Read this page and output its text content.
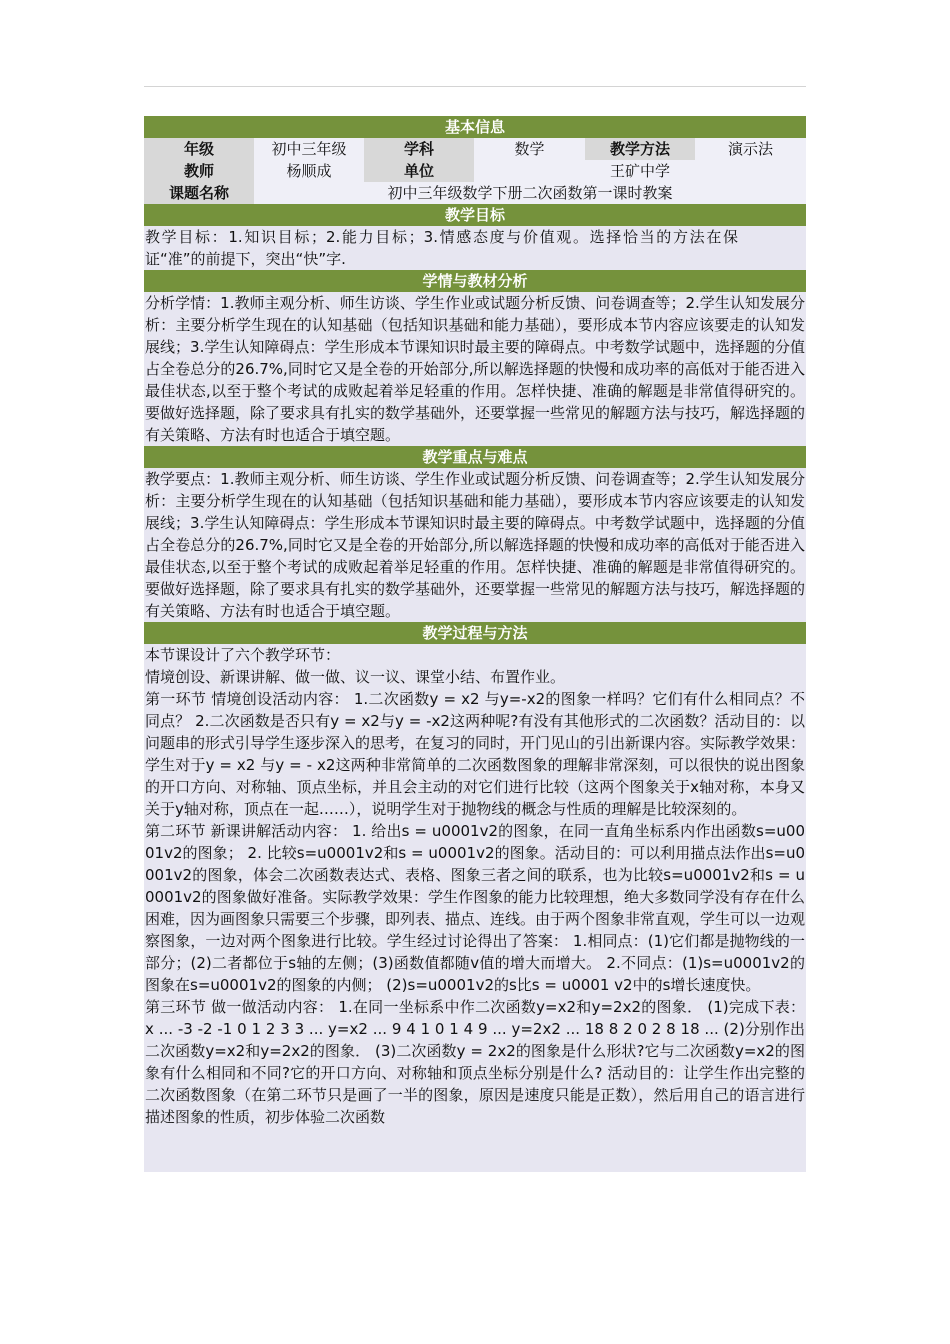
基本信息
年级	初中三年级	学科	数学	教学方法	演示法
教师	杨顺成	单位	王矿中学
课题名称	初中三年级数学下册二次函数第一课时教案
教学目标
教学目标：1.知识目标；2.能力目标；3.情感态度与价值观。选择恰当的方法在保证“准”的前提下，突出“快”字.
学情与教材分析
分析学情：1.教师主观分析、师生访谈、学生作业或试题分析反馈、问卷调查等；2.学生认知发展分析：主要分析学生现在的认知基础（包括知识基础和能力基础），要形成本节内容应该要走的认知发展线；3.学生认知障碍点：学生形成本节课知识时最主要的障碍点。中考数学试题中，选择题的分值占全卷总分的26.7%,同时它又是全卷的开始部分,所以解选择题的快慢和成功率的高低对于能否进入最佳状态,以至于整个考试的成败起着举足轻重的作用。怎样快捷、准确的解题是非常值得研究的。要做好选择题，除了要求具有扎实的数学基础外，还要掌握一些常见的解题方法与技巧，解选择题的有关策略、方法有时也适合于填空题。
教学重点与难点
教学要点：1.教师主观分析、师生访谈、学生作业或试题分析反馈、问卷调查等；2.学生认知发展分析：主要分析学生现在的认知基础（包括知识基础和能力基础），要形成本节内容应该要走的认知发展线；3.学生认知障碍点：学生形成本节课知识时最主要的障碍点。中考数学试题中，选择题的分值占全卷总分的26.7%,同时它又是全卷的开始部分,所以解选择题的快慢和成功率的高低对于能否进入最佳状态,以至于整个考试的成败起着举足轻重的作用。怎样快捷、准确的解题是非常值得研究的。要做好选择题，除了要求具有扎实的数学基础外，还要掌握一些常见的解题方法与技巧，解选择题的有关策略、方法有时也适合于填空题。
教学过程与方法
本节课设计了六个教学环节：
情境创设、新课讲解、做一做、议一议、课堂小结、布置作业。
第一环节 情境创设活动内容： 1.二次函数y = x2 与y=-x2的图象一样吗？它们有什么相同点？不同点？ 2.二次函数是否只有y = x2与y = -x2这两种呢?有没有其他形式的二次函数？活动目的：以问题串的形式引导学生逐步深入的思考，在复习的同时，开门见山的引出新课内容。实际教学效果：学生对于y = x2 与y = - x2这两种非常简单的二次函数图象的理解非常深刻，可以很快的说出图象的开口方向、对称轴、顶点坐标，并且会主动的对它们进行比较（这两个图象关于x轴对称，本身又关于y轴对称，顶点在一起……），说明学生对于抛物线的概念与性质的理解是比较深刻的。
第二环节 新课讲解活动内容： 1. 给出s = u0001v2的图象，在同一直角坐标系内作出函数s=u0001v2的图象； 2. 比较s=u0001v2和s = u0001v2的图象。活动目的：可以利用描点法作出s=u0001v2的图象，体会二次函数表达式、表格、图象三者之间的联系，也为比较s=u0001v2和s = u0001v2的图象做好准备。实际教学效果：学生作图象的能力比较理想，绝大多数同学没有存在什么困难，因为画图象只需要三个步骤，即列表、描点、连线。由于两个图象非常直观，学生可以一边观察图象，一边对两个图象进行比较。学生经过讨论得出了答案： 1.相同点：(1)它们都是抛物线的一部分；(2)二者都位于s轴的左侧；(3)函数值都随v值的增大而增大。 2.不同点：(1)s=u0001v2的图象在s=u0001v2的图象的内侧； (2)s=u0001v2的s比s = u0001 v2中的s增长速度快。
第三环节 做一做活动内容： 1.在同一坐标系中作二次函数y=x2和y=2x2的图象． (1)完成下表： x ... -3 -2 -1 0 1 2 3 3 ... y=x2 ... 9 4 1 0 1 4 9 ... y=2x2 ... 18 8 2 0 2 8 18 ... (2)分别作出二次函数y=x2和y=2x2的图象． (3)二次函数y = 2x2的图象是什么形状?它与二次函数y=x2的图象有什么相同和不同?它的开口方向、对称轴和顶点坐标分别是什么? 活动目的：让学生作出完整的二次函数图象（在第二环节只是画了一半的图象，原因是速度只能是正数），然后用自己的语言进行描述图象的性质，初步体验二次函数
